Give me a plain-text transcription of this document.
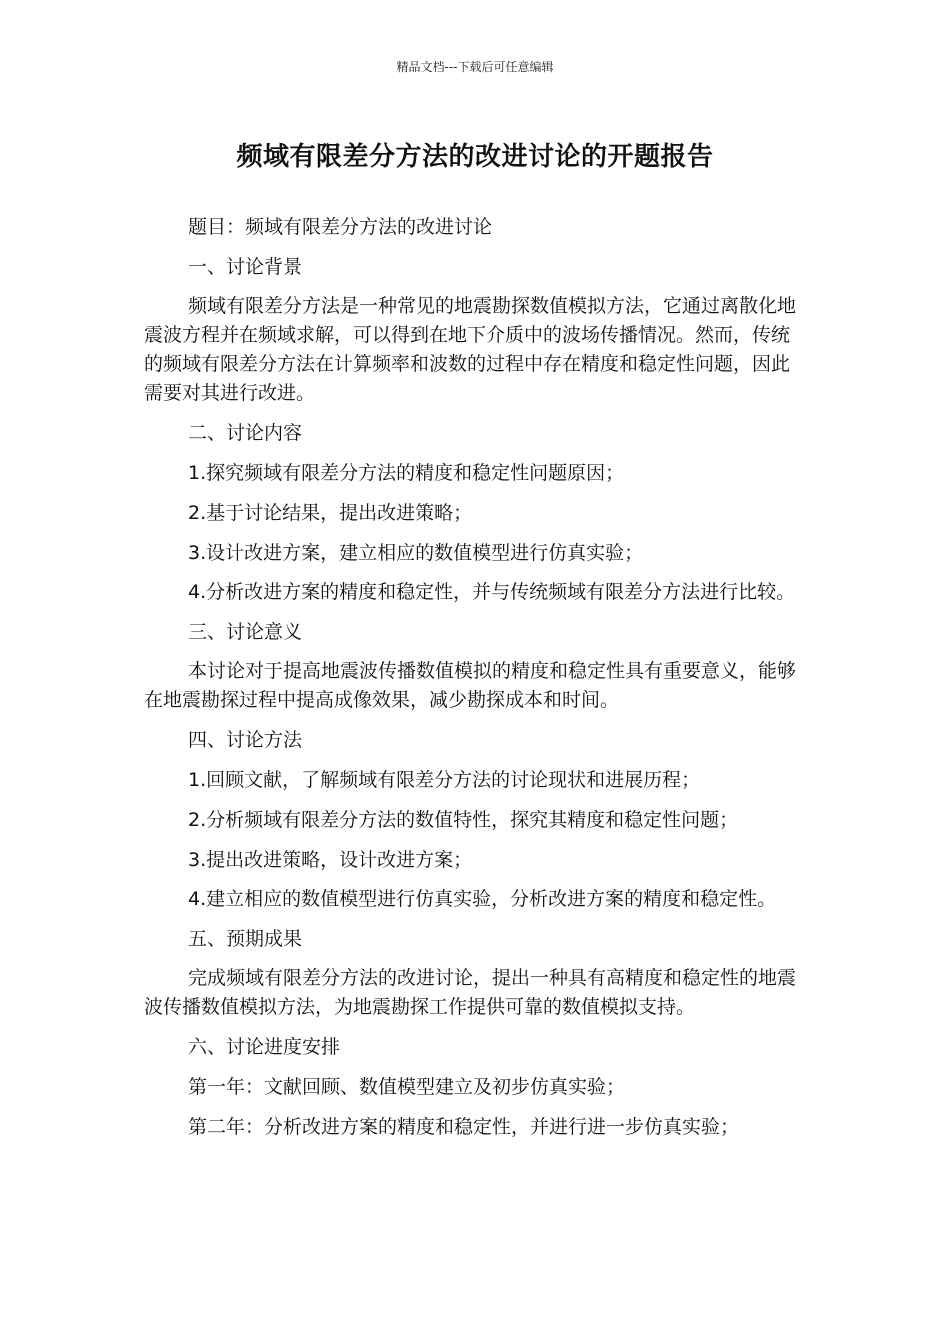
精品文档---下载后可任意编辑
频域有限差分方法的改进讨论的开题报告

题目：频域有限差分方法的改进讨论

一、讨论背景

频域有限差分方法是一种常见的地震勘探数值模拟方法，它通过离散化地震波方程并在频域求解，可以得到在地下介质中的波场传播情况。然而，传统的频域有限差分方法在计算频率和波数的过程中存在精度和稳定性问题，因此需要对其进行改进。

二、讨论内容

1.探究频域有限差分方法的精度和稳定性问题原因；

2.基于讨论结果，提出改进策略；

3.设计改进方案，建立相应的数值模型进行仿真实验；

4.分析改进方案的精度和稳定性，并与传统频域有限差分方法进行比较。

三、讨论意义

本讨论对于提高地震波传播数值模拟的精度和稳定性具有重要意义，能够在地震勘探过程中提高成像效果，减少勘探成本和时间。

四、讨论方法

1.回顾文献，了解频域有限差分方法的讨论现状和进展历程；

2.分析频域有限差分方法的数值特性，探究其精度和稳定性问题；

3.提出改进策略，设计改进方案；

4.建立相应的数值模型进行仿真实验，分析改进方案的精度和稳定性。

五、预期成果

完成频域有限差分方法的改进讨论，提出一种具有高精度和稳定性的地震波传播数值模拟方法，为地震勘探工作提供可靠的数值模拟支持。

六、讨论进度安排

第一年：文献回顾、数值模型建立及初步仿真实验；

第二年：分析改进方案的精度和稳定性，并进行进一步仿真实验；
